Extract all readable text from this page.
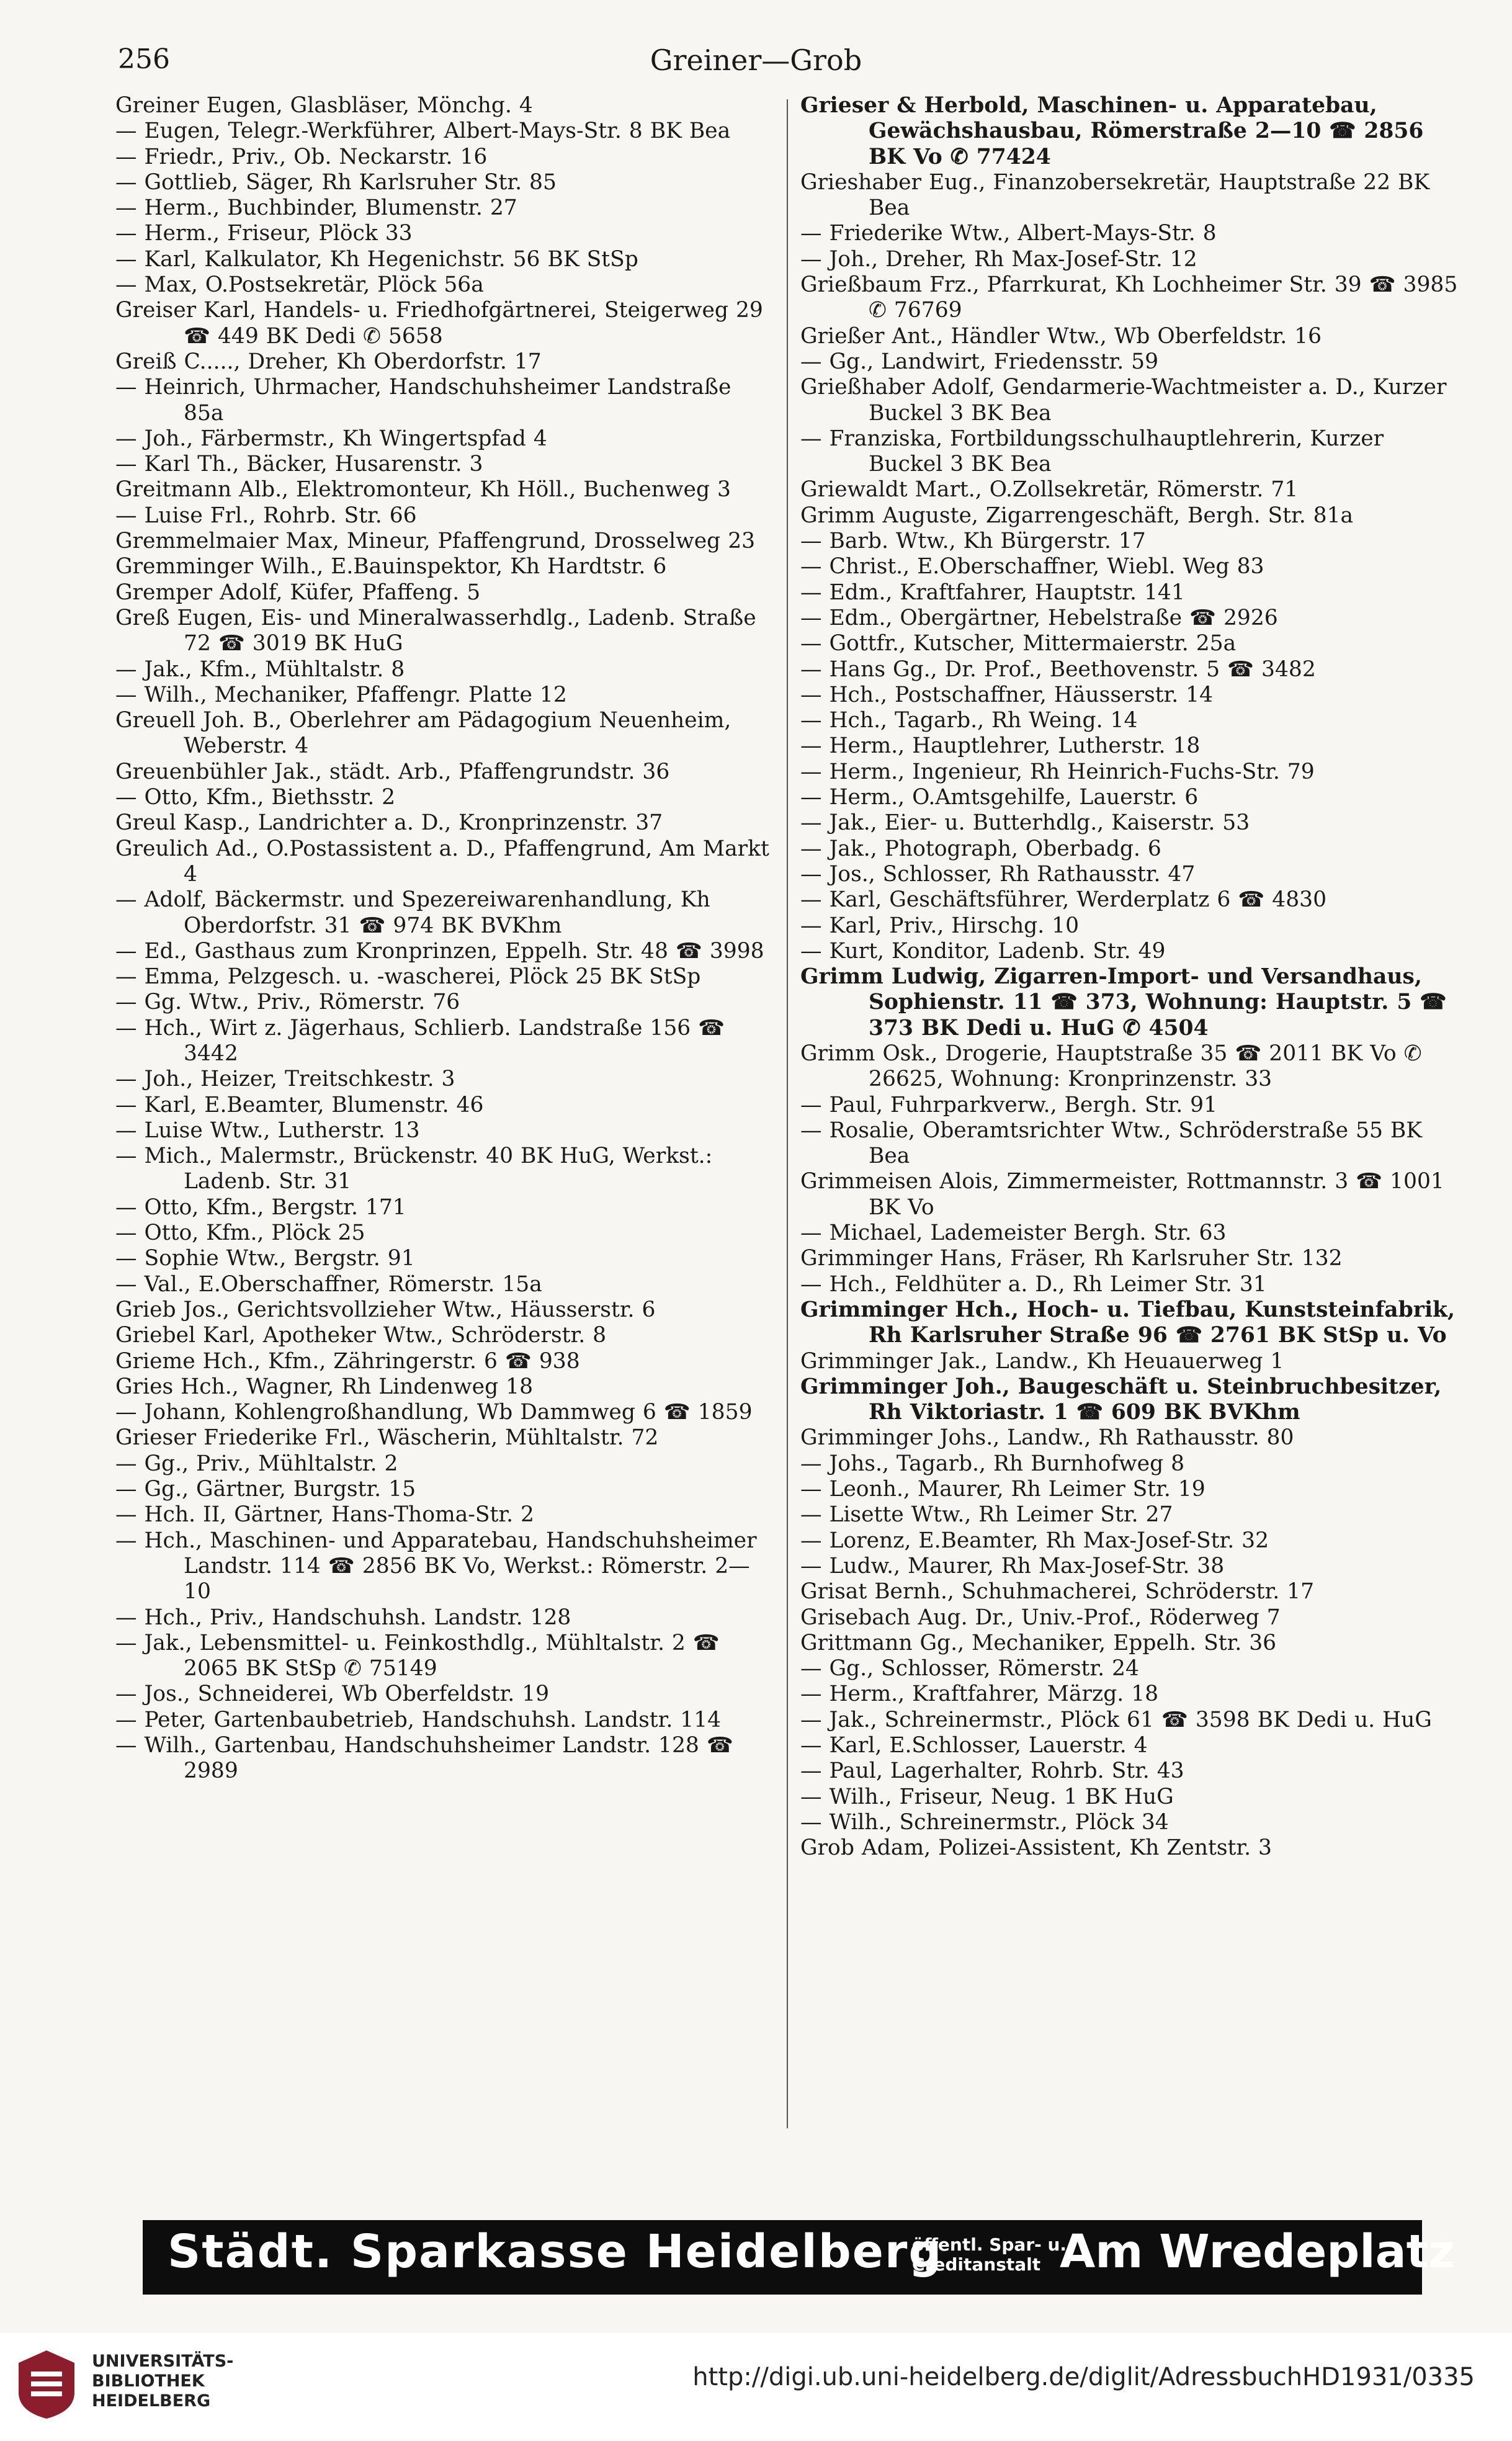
256	Greiner—Grob
Greiner Eugen, Glasbläser, Mönchg. 4
— Eugen, Telegr.-Werkführer, Albert-Mays-Str. 8 BK Bea
— Friedr., Priv., Ob. Neckarstr. 16
— Gottlieb, Säger, Rh Karlsruher Str. 85
— Herm., Buchbinder, Blumenstr. 27
— Herm., Friseur, Plöck 33
— Karl, Kalkulator, Kh Hegenichstr. 56 BK StSp
— Max, O.Postsekretär, Plöck 56a
Greiser Karl, Handels- u. Friedhofgärtnerei, Steigerweg 29 ☎ 449 BK Dedi ✆ 5658
Greiß C....., Dreher, Kh Oberdorfstr. 17
— Heinrich, Uhrmacher, Handschuhsheimer Landstraße 85a
— Joh., Färbermstr., Kh Wingertspfad 4
— Karl Th., Bäcker, Husarenstr. 3
Greitmann Alb., Elektromonteur, Kh Höll., Buchenweg 3
— Luise Frl., Rohrb. Str. 66
Gremmelmaier Max, Mineur, Pfaffengrund, Drosselweg 23
Gremminger Wilh., E.Bauinspektor, Kh Hardtstr. 6
Gremper Adolf, Küfer, Pfaffeng. 5
Greß Eugen, Eis- und Mineralwasserhdlg., Ladenb. Straße 72 ☎ 3019 BK HuG
— Jak., Kfm., Mühltalstr. 8
— Wilh., Mechaniker, Pfaffengr. Platte 12
Greuell Joh. B., Oberlehrer am Pädagogium Neuenheim, Weberstr. 4
Greuenbühler Jak., städt. Arb., Pfaffengrundstr. 36
— Otto, Kfm., Biethsstr. 2
Greul Kasp., Landrichter a. D., Kronprinzenstr. 37
Greulich Ad., O.Postassistent a. D., Pfaffengrund, Am Markt 4
— Adolf, Bäckermstr. und Spezereiwarenhandlung, Kh Oberdorfstr. 31 ☎ 974 BK BVKhm
— Ed., Gasthaus zum Kronprinzen, Eppelh. Str. 48 ☎ 3998
— Emma, Pelzgesch. u. -wascherei, Plöck 25 BK StSp
— Gg. Wtw., Priv., Römerstr. 76
— Hch., Wirt z. Jägerhaus, Schlierb. Landstraße 156 ☎ 3442
— Joh., Heizer, Treitschkestr. 3
— Karl, E.Beamter, Blumenstr. 46
— Luise Wtw., Lutherstr. 13
— Mich., Malermstr., Brückenstr. 40 BK HuG, Werkst.: Ladenb. Str. 31
— Otto, Kfm., Bergstr. 171
— Otto, Kfm., Plöck 25
— Sophie Wtw., Bergstr. 91
— Val., E.Oberschaffner, Römerstr. 15a
Grieb Jos., Gerichtsvollzieher Wtw., Häusserstr. 6
Griebel Karl, Apotheker Wtw., Schröderstr. 8
Grieme Hch., Kfm., Zähringerstr. 6 ☎ 938
Gries Hch., Wagner, Rh Lindenweg 18
— Johann, Kohlengroßhandlung, Wb Dammweg 6 ☎ 1859
Grieser Friederike Frl., Wäscherin, Mühltalstr. 72
— Gg., Priv., Mühltalstr. 2
— Gg., Gärtner, Burgstr. 15
— Hch. II, Gärtner, Hans-Thoma-Str. 2
— Hch., Maschinen- und Apparatebau, Handschuhsheimer Landstr. 114 ☎ 2856 BK Vo, Werkst.: Römerstr. 2—10
— Hch., Priv., Handschuhsh. Landstr. 128
— Jak., Lebensmittel- u. Feinkosthdlg., Mühltalstr. 2 ☎ 2065 BK StSp ✆ 75149
— Jos., Schneiderei, Wb Oberfeldstr. 19
— Peter, Gartenbaubetrieb, Handschuhsh. Landstr. 114
— Wilh., Gartenbau, Handschuhsheimer Landstr. 128 ☎ 2989
Grieser & Herbold, Maschinen- u. Apparatebau, Gewächshausbau, Römerstraße 2—10 ☎ 2856 BK Vo ✆ 77424
Grieshaber Eug., Finanzobersekretär, Hauptstraße 22 BK Bea
— Friederike Wtw., Albert-Mays-Str. 8
— Joh., Dreher, Rh Max-Josef-Str. 12
Grießbaum Frz., Pfarrkurat, Kh Lochheimer Str. 39 ☎ 3985 ✆ 76769
Grießer Ant., Händler Wtw., Wb Oberfeldstr. 16
— Gg., Landwirt, Friedensstr. 59
Grießhaber Adolf, Gendarmerie-Wachtmeister a. D., Kurzer Buckel 3 BK Bea
— Franziska, Fortbildungsschulhauptlehrerin, Kurzer Buckel 3 BK Bea
Griewaldt Mart., O.Zollsekretär, Römerstr. 71
Grimm Auguste, Zigarrengeschäft, Bergh. Str. 81a
— Barb. Wtw., Kh Bürgerstr. 17
— Christ., E.Oberschaffner, Wiebl. Weg 83
— Edm., Kraftfahrer, Hauptstr. 141
— Edm., Obergärtner, Hebelstraße ☎ 2926
— Gottfr., Kutscher, Mittermaierstr. 25a
— Hans Gg., Dr. Prof., Beethovenstr. 5 ☎ 3482
— Hch., Postschaffner, Häusserstr. 14
— Hch., Tagarb., Rh Weing. 14
— Herm., Hauptlehrer, Lutherstr. 18
— Herm., Ingenieur, Rh Heinrich-Fuchs-Str. 79
— Herm., O.Amtsgehilfe, Lauerstr. 6
— Jak., Eier- u. Butterhdlg., Kaiserstr. 53
— Jak., Photograph, Oberbadg. 6
— Jos., Schlosser, Rh Rathausstr. 47
— Karl, Geschäftsführer, Werderplatz 6 ☎ 4830
— Karl, Priv., Hirschg. 10
— Kurt, Konditor, Ladenb. Str. 49
Grimm Ludwig, Zigarren-Import- und Versandhaus, Sophienstr. 11 ☎ 373, Wohnung: Hauptstr. 5 ☎ 373 BK Dedi u. HuG ✆ 4504
Grimm Osk., Drogerie, Hauptstraße 35 ☎ 2011 BK Vo ✆ 26625, Wohnung: Kronprinzenstr. 33
— Paul, Fuhrparkverw., Bergh. Str. 91
— Rosalie, Oberamtsrichter Wtw., Schröderstraße 55 BK Bea
Grimmeisen Alois, Zimmermeister, Rottmannstr. 3 ☎ 1001 BK Vo
— Michael, Lademeister Bergh. Str. 63
Grimminger Hans, Fräser, Rh Karlsruher Str. 132
— Hch., Feldhüter a. D., Rh Leimer Str. 31
Grimminger Hch., Hoch- u. Tiefbau, Kunststeinfabrik, Rh Karlsruher Straße 96 ☎ 2761 BK StSp u. Vo
Grimminger Jak., Landw., Kh Heuauerweg 1
Grimminger Joh., Baugeschäft u. Steinbruchbesitzer, Rh Viktoriastr. 1 ☎ 609 BK BVKhm
Grimminger Johs., Landw., Rh Rathausstr. 80
— Johs., Tagarb., Rh Burnhofweg 8
— Leonh., Maurer, Rh Leimer Str. 19
— Lisette Wtw., Rh Leimer Str. 27
— Lorenz, E.Beamter, Rh Max-Josef-Str. 32
— Ludw., Maurer, Rh Max-Josef-Str. 38
Grisat Bernh., Schuhmacherei, Schröderstr. 17
Grisebach Aug. Dr., Univ.-Prof., Röderweg 7
Grittmann Gg., Mechaniker, Eppelh. Str. 36
— Gg., Schlosser, Römerstr. 24
— Herm., Kraftfahrer, Märzg. 18
— Jak., Schreinermstr., Plöck 61 ☎ 3598 BK Dedi u. HuG
— Karl, E.Schlosser, Lauerstr. 4
— Paul, Lagerhalter, Rohrb. Str. 43
— Wilh., Friseur, Neug. 1 BK HuG
— Wilh., Schreinermstr., Plöck 34
Grob Adam, Polizei-Assistent, Kh Zentstr. 3
Städt. Sparkasse Heidelberg
öffentl. Spar- u.
Creditanstalt Am Wredeplatz
UNIVERSITÄTS-
BIBLIOTHEK
HEIDELBERG
http://digi.ub.uni-heidelberg.de/diglit/AdressbuchHD1931/0335
